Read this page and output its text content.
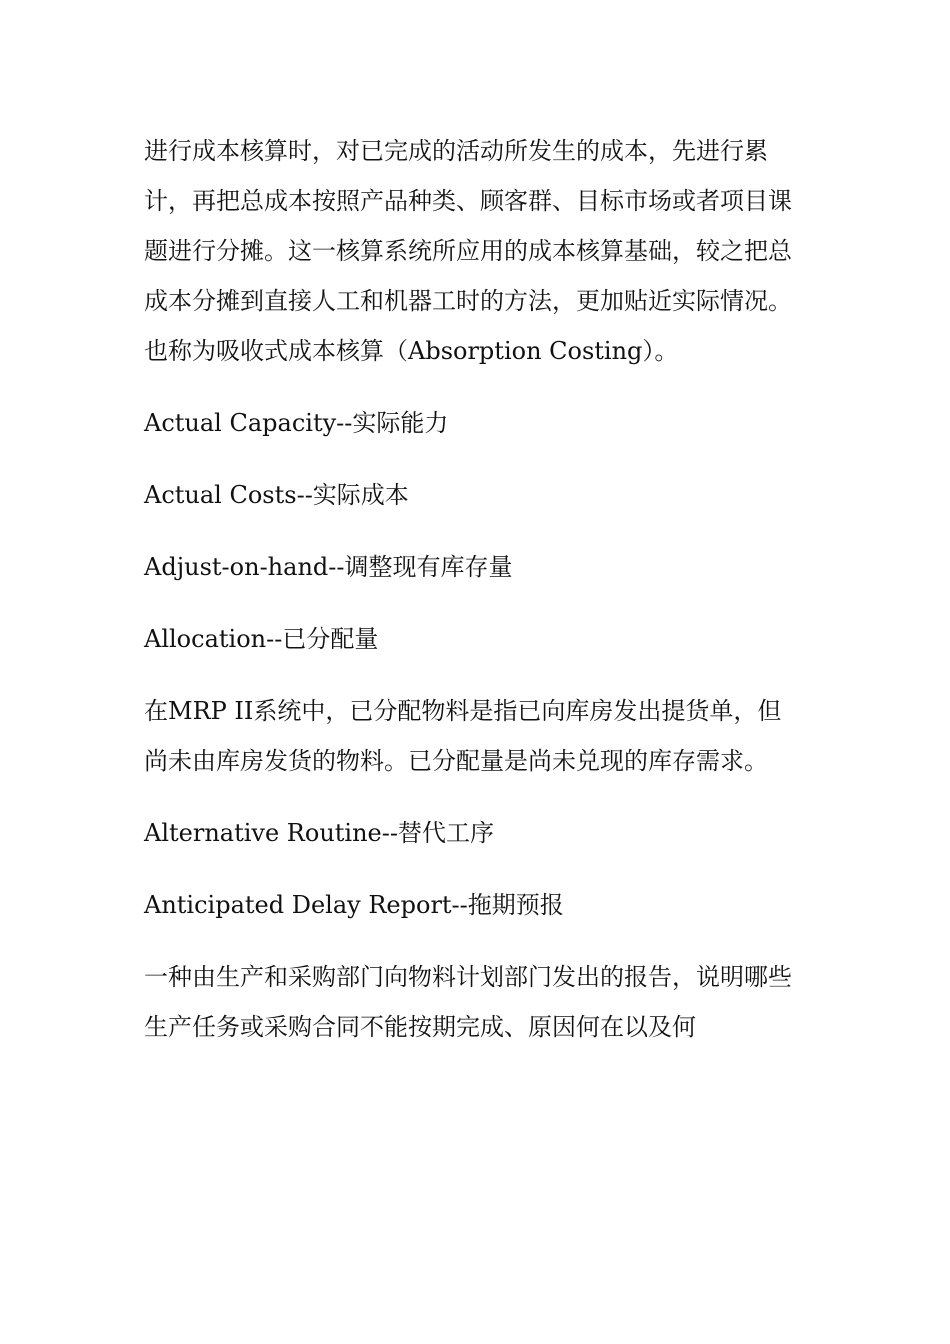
进行成本核算时，对已完成的活动所发生的成本，先进行累计，再把总成本按照产品种类、顾客群、目标市场或者项目课题进行分摊。这一核算系统所应用的成本核算基础，较之把总成本分摊到直接人工和机器工时的方法，更加贴近实际情况。也称为吸收式成本核算（Absorption Costing）。

Actual Capacity--实际能力

Actual Costs--实际成本

Adjust-on-hand--调整现有库存量

Allocation--已分配量

在MRP II系统中，已分配物料是指已向库房发出提货单，但尚未由库房发货的物料。已分配量是尚未兑现的库存需求。

Alternative Routine--替代工序

Anticipated Delay Report--拖期预报

一种由生产和采购部门向物料计划部门发出的报告，说明哪些生产任务或采购合同不能按期完成、原因何在以及何
